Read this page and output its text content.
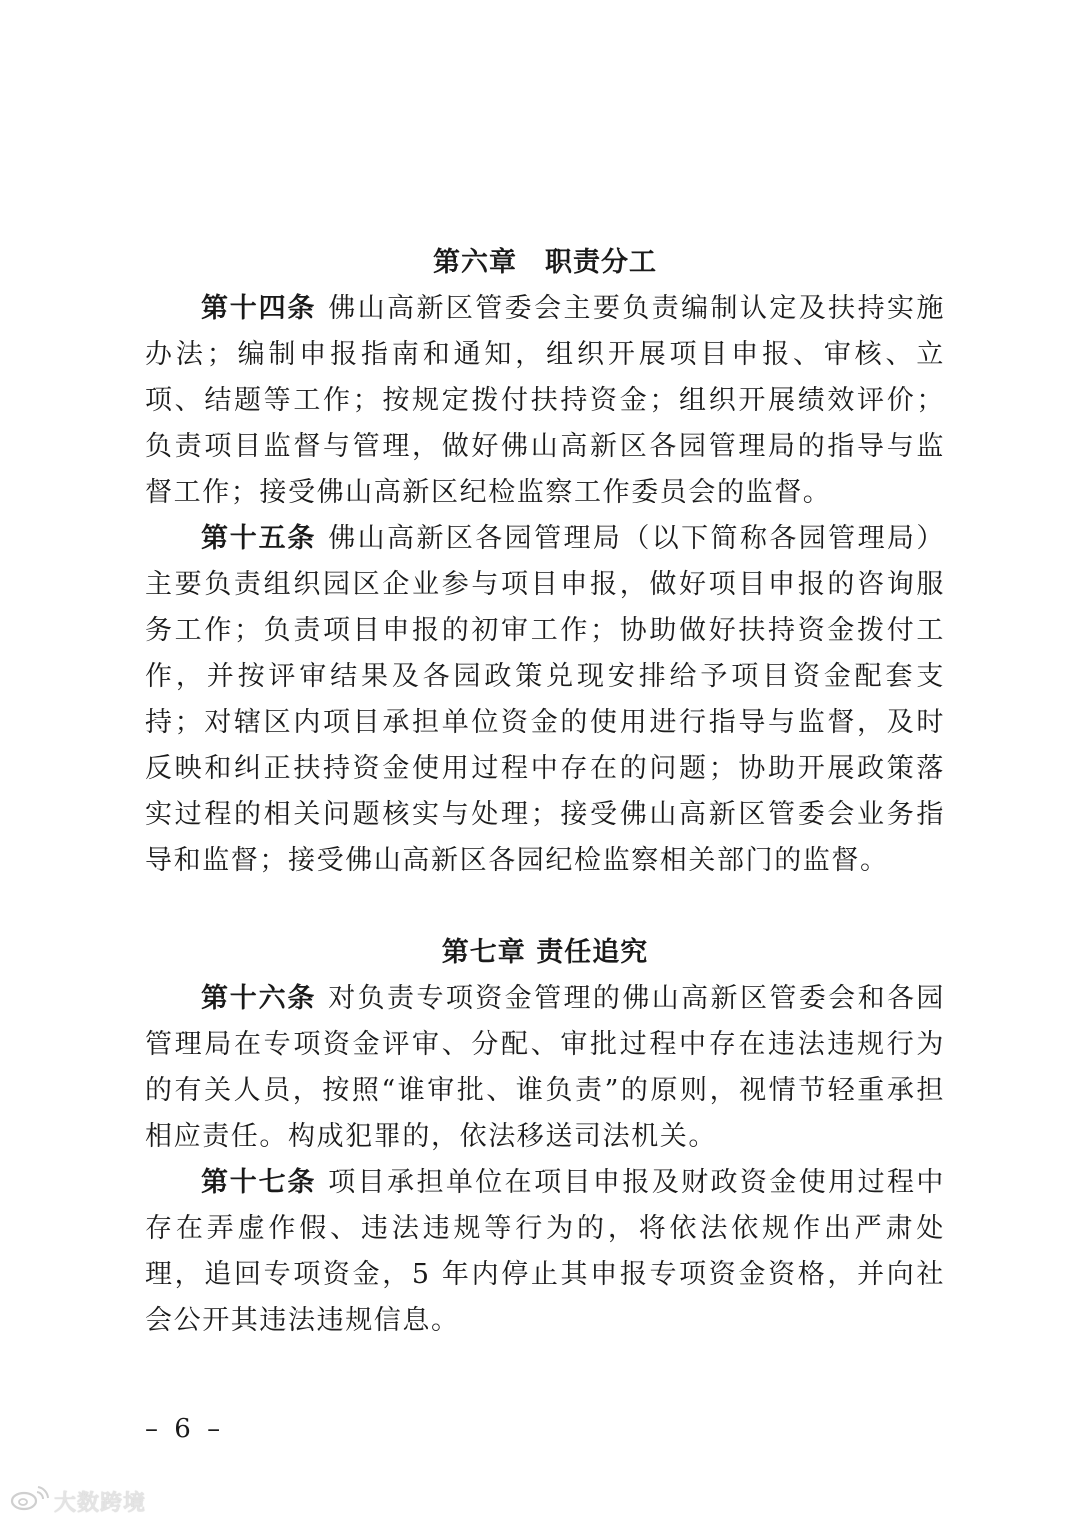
第六章　职责分工

第十四条 佛山高新区管委会主要负责编制认定及扶持实施办法；编制申报指南和通知，组织开展项目申报、审核、立项、结题等工作；按规定拨付扶持资金；组织开展绩效评价；负责项目监督与管理，做好佛山高新区各园管理局的指导与监督工作；接受佛山高新区纪检监察工作委员会的监督。

第十五条 佛山高新区各园管理局（以下简称各园管理局）主要负责组织园区企业参与项目申报，做好项目申报的咨询服务工作；负责项目申报的初审工作；协助做好扶持资金拨付工作，并按评审结果及各园政策兑现安排给予项目资金配套支持；对辖区内项目承担单位资金的使用进行指导与监督，及时反映和纠正扶持资金使用过程中存在的问题；协助开展政策落实过程的相关问题核实与处理；接受佛山高新区管委会业务指导和监督；接受佛山高新区各园纪检监察相关部门的监督。

第七章 责任追究

第十六条 对负责专项资金管理的佛山高新区管委会和各园管理局在专项资金评审、分配、审批过程中存在违法违规行为的有关人员，按照“谁审批、谁负责”的原则，视情节轻重承担相应责任。构成犯罪的，依法移送司法机关。

第十七条 项目承担单位在项目申报及财政资金使用过程中存在弄虚作假、违法违规等行为的，将依法依规作出严肃处理，追回专项资金，5 年内停止其申报专项资金资格，并向社会公开其违法违规信息。

– 6 –
大数跨境
